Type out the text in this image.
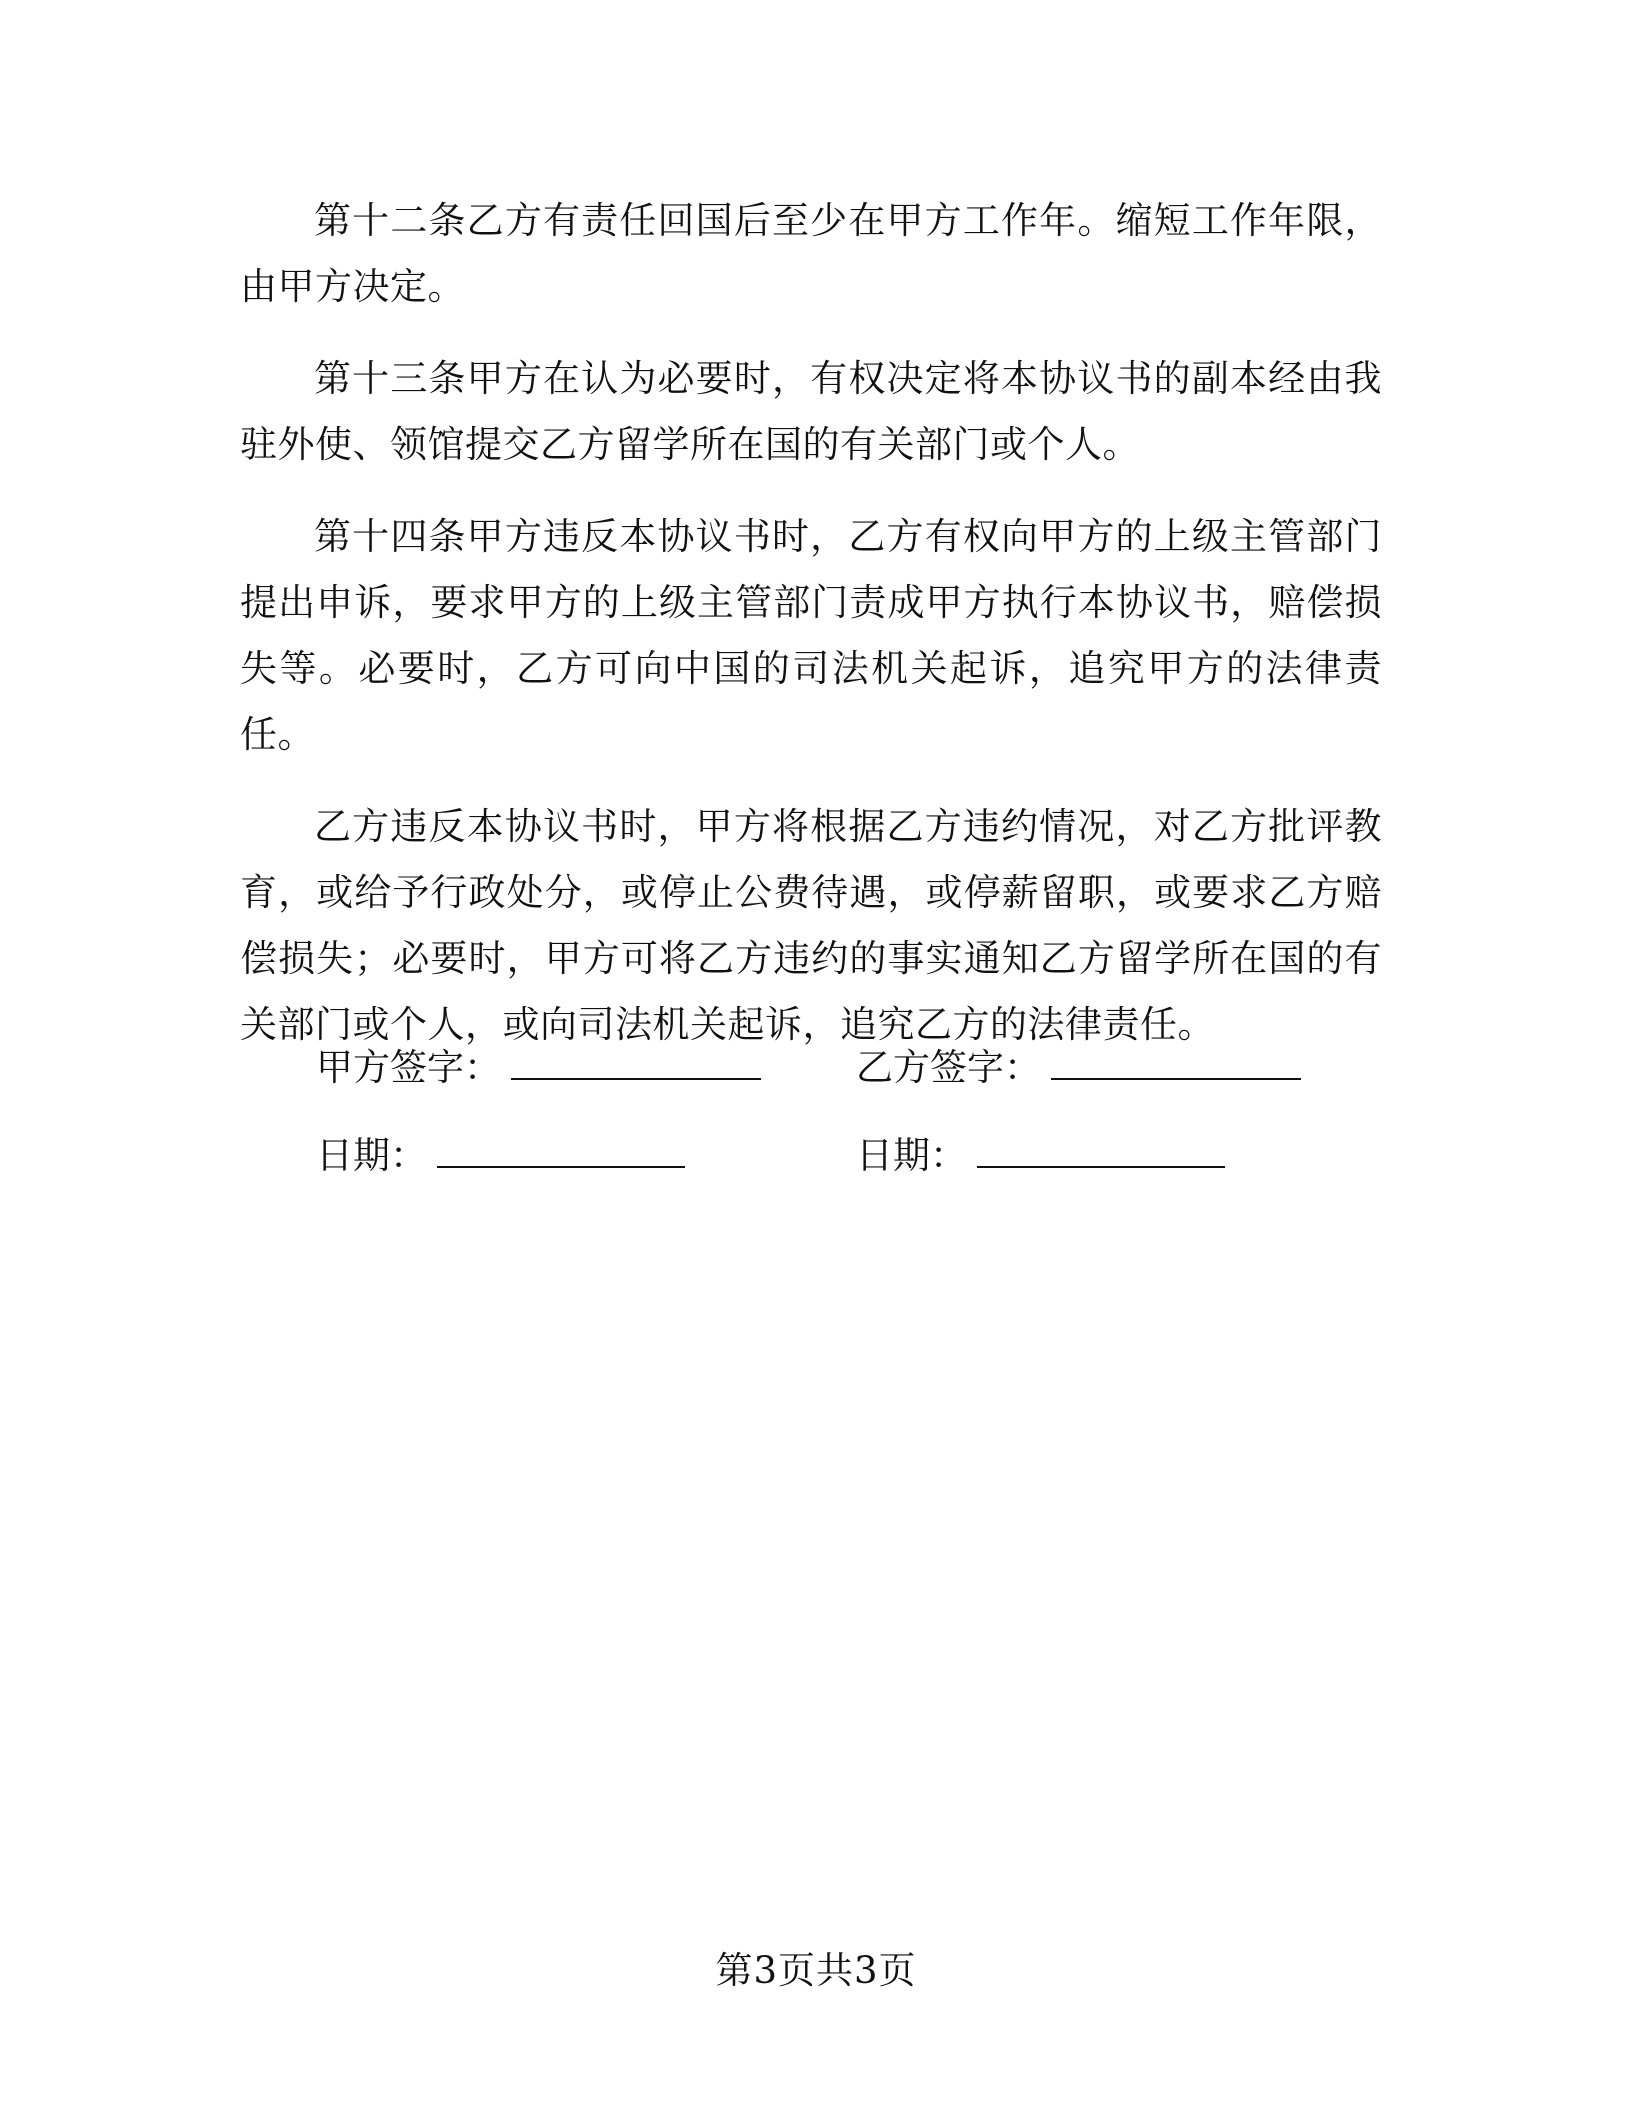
第十二条乙方有责任回国后至少在甲方工作年。缩短工作年限，由甲方决定。

第十三条甲方在认为必要时，有权决定将本协议书的副本经由我驻外使、领馆提交乙方留学所在国的有关部门或个人。

第十四条甲方违反本协议书时，乙方有权向甲方的上级主管部门提出申诉，要求甲方的上级主管部门责成甲方执行本协议书，赔偿损失等。必要时，乙方可向中国的司法机关起诉，追究甲方的法律责任。

乙方违反本协议书时，甲方将根据乙方违约情况，对乙方批评教育，或给予行政处分，或停止公费待遇，或停薪留职，或要求乙方赔偿损失；必要时，甲方可将乙方违约的事实通知乙方留学所在国的有关部门或个人，或向司法机关起诉，追究乙方的法律责任。

甲方签字：	乙方签字：
日期：	日期：
第3页共3页
